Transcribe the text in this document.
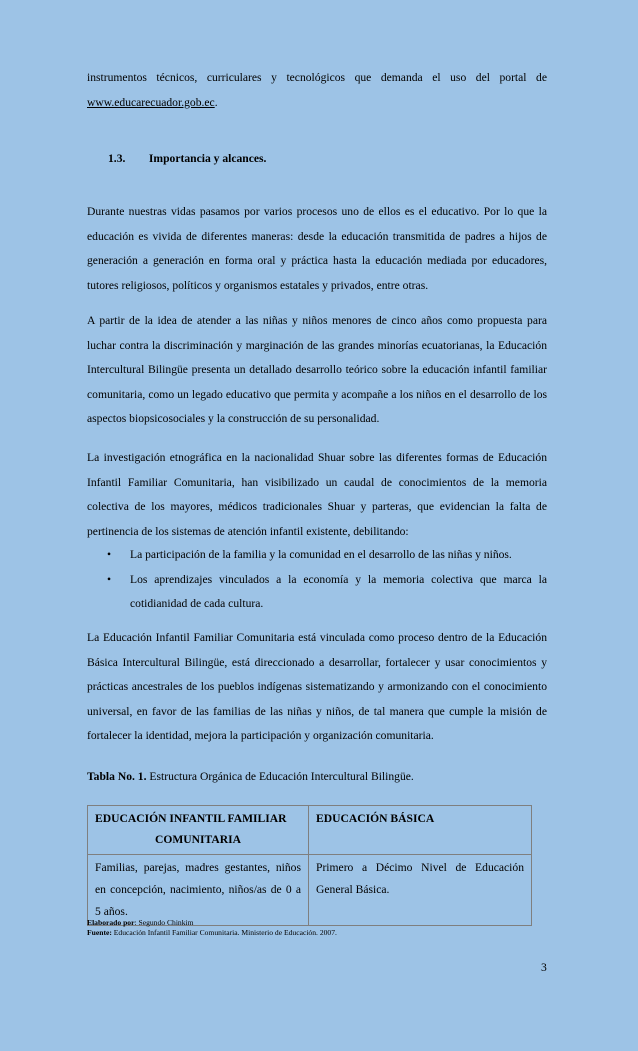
instrumentos técnicos, curriculares y tecnológicos que demanda el uso del portal de
www.educarecuador.gob.ec.
1.3. Importancia y alcances.
Durante nuestras vidas pasamos por varios procesos uno de ellos es el educativo. Por lo que la educación es vivida de diferentes maneras: desde la educación transmitida de padres a hijos de generación a generación en forma oral y práctica hasta la educación mediada por educadores, tutores religiosos, políticos y organismos estatales y privados, entre otras.
A partir de la idea de atender a las niñas y niños menores de cinco años como propuesta para luchar contra la discriminación y marginación de las grandes minorías ecuatorianas, la Educación Intercultural Bilingüe presenta un detallado desarrollo teórico sobre la educación infantil familiar comunitaria, como un legado educativo que permita y acompañe a los niños en el desarrollo de los aspectos biopsicosociales y la construcción de su personalidad.
La investigación etnográfica en la nacionalidad Shuar sobre las diferentes formas de Educación Infantil Familiar Comunitaria, han visibilizado un caudal de conocimientos de la memoria colectiva de los mayores, médicos tradicionales Shuar y parteras, que evidencian la falta de pertinencia de los sistemas de atención infantil existente, debilitando:
• La participación de la familia y la comunidad en el desarrollo de las niñas y niños.
• Los aprendizajes vinculados a la economía y la memoria colectiva que marca la cotidianidad de cada cultura.
La Educación Infantil Familiar Comunitaria está vinculada como proceso dentro de la Educación Básica Intercultural Bilingüe, está direccionado a desarrollar, fortalecer y usar conocimientos y prácticas ancestrales de los pueblos indígenas sistematizando y armonizando con el conocimiento universal, en favor de las familias de las niñas y niños, de tal manera que cumple la misión de fortalecer la identidad, mejora la participación y organización comunitaria.
Tabla No. 1. Estructura Orgánica de Educación Intercultural Bilingüe.
EDUCACIÓN INFANTIL FAMILIAR
COMUNITARIA	EDUCACIÓN BÁSICA
Familias, parejas, madres gestantes, niños en concepción, nacimiento, niños/as de 0 a 5 años.	Primero a Décimo Nivel de Educación General Básica.
Elaborado por: Segundo Chinkim
Fuente: Educación Infantil Familiar Comunitaria. Ministerio de Educación. 2007.
3
